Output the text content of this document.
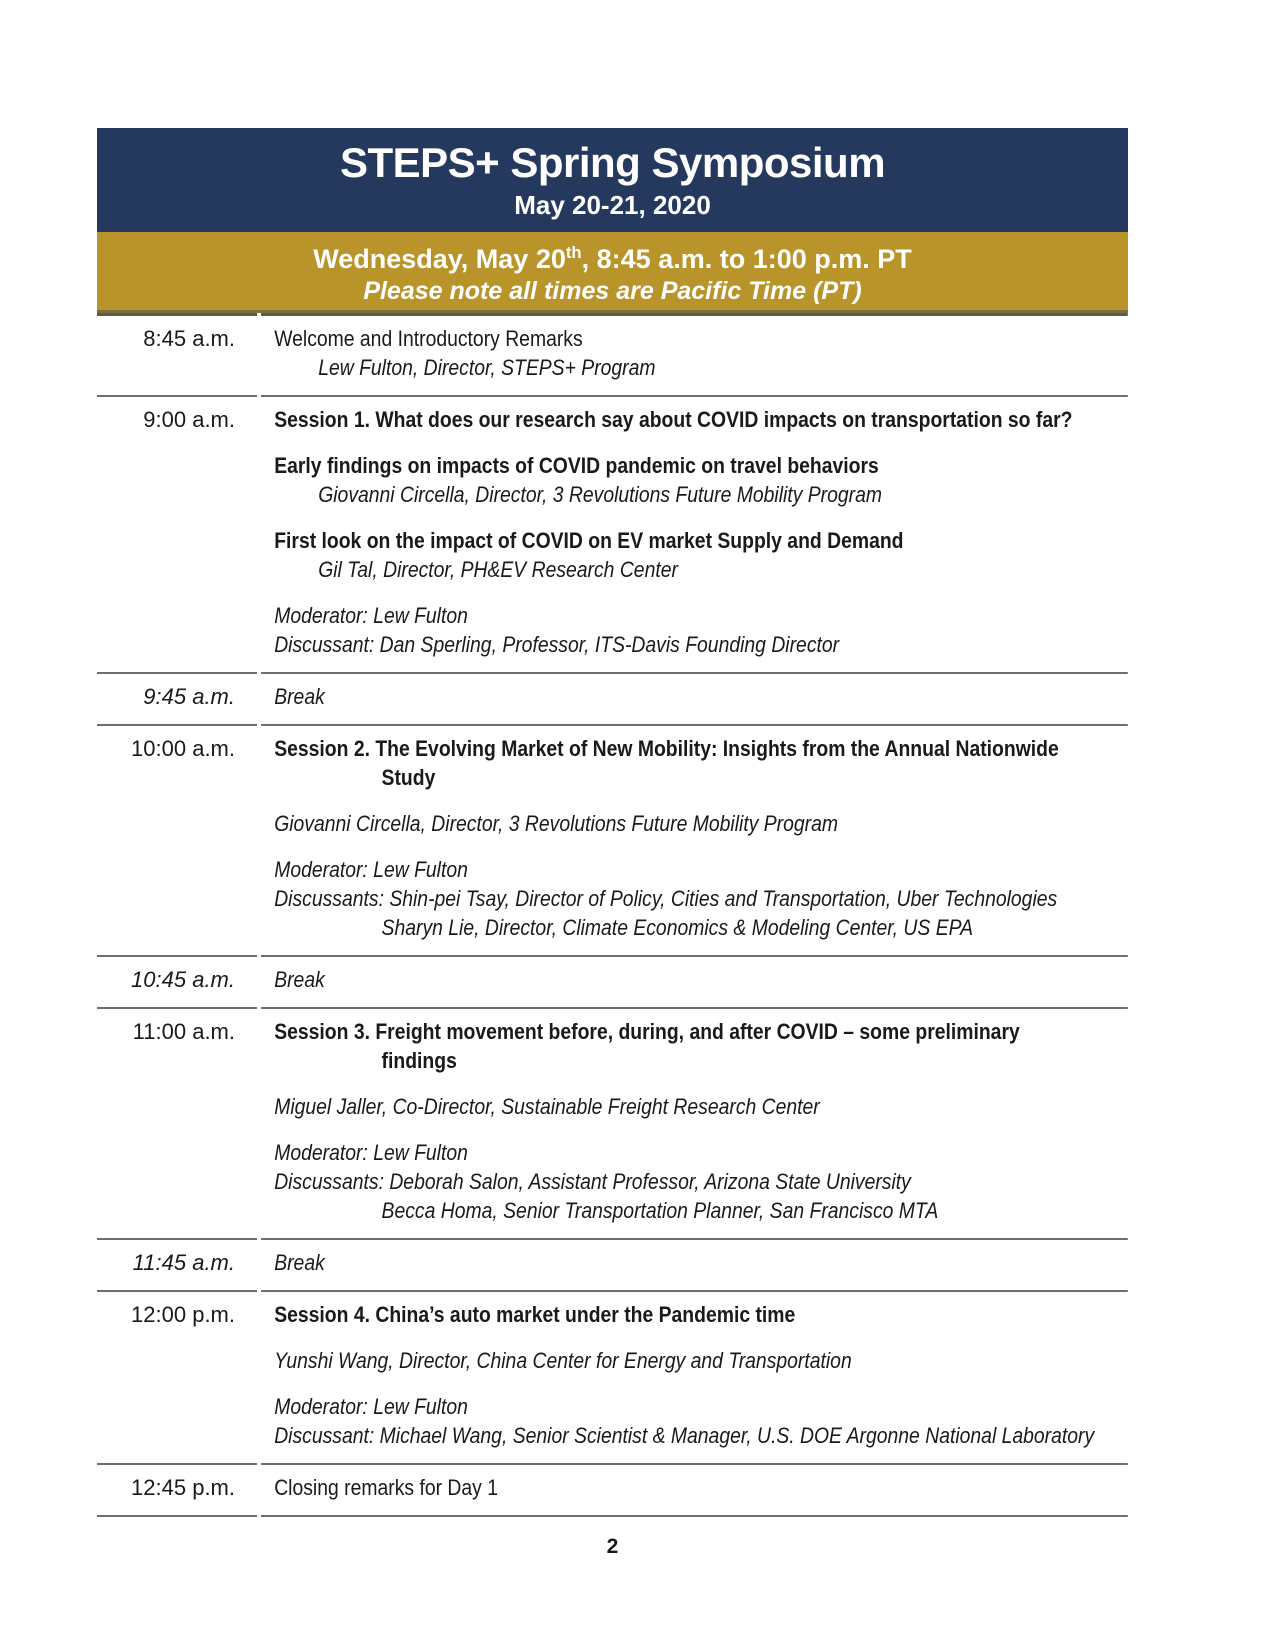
STEPS+ Spring Symposium
May 20-21, 2020
Wednesday, May 20th, 8:45 a.m. to 1:00 p.m. PT
Please note all times are Pacific Time (PT)
8:45 a.m.	Welcome and Introductory Remarks
Lew Fulton, Director, STEPS+ Program
9:00 a.m.	Session 1. What does our research say about COVID impacts on transportation so far?
Early findings on impacts of COVID pandemic on travel behaviors
Giovanni Circella, Director, 3 Revolutions Future Mobility Program
First look on the impact of COVID on EV market Supply and Demand
Gil Tal, Director, PH&EV Research Center
Moderator: Lew Fulton
Discussant: Dan Sperling, Professor, ITS-Davis Founding Director
9:45 a.m.	Break
10:00 a.m.	Session 2. The Evolving Market of New Mobility: Insights from the Annual Nationwide
Study
Giovanni Circella, Director, 3 Revolutions Future Mobility Program
Moderator: Lew Fulton
Discussants: Shin-pei Tsay, Director of Policy, Cities and Transportation, Uber Technologies
Sharyn Lie, Director, Climate Economics & Modeling Center, US EPA
10:45 a.m.	Break
11:00 a.m.	Session 3. Freight movement before, during, and after COVID – some preliminary
findings
Miguel Jaller, Co-Director, Sustainable Freight Research Center
Moderator: Lew Fulton
Discussants: Deborah Salon, Assistant Professor, Arizona State University
Becca Homa, Senior Transportation Planner, San Francisco MTA
11:45 a.m.	Break
12:00 p.m.	Session 4. China’s auto market under the Pandemic time
Yunshi Wang, Director, China Center for Energy and Transportation
Moderator: Lew Fulton
Discussant: Michael Wang, Senior Scientist & Manager, U.S. DOE Argonne National Laboratory
12:45 p.m.	Closing remarks for Day 1
2
